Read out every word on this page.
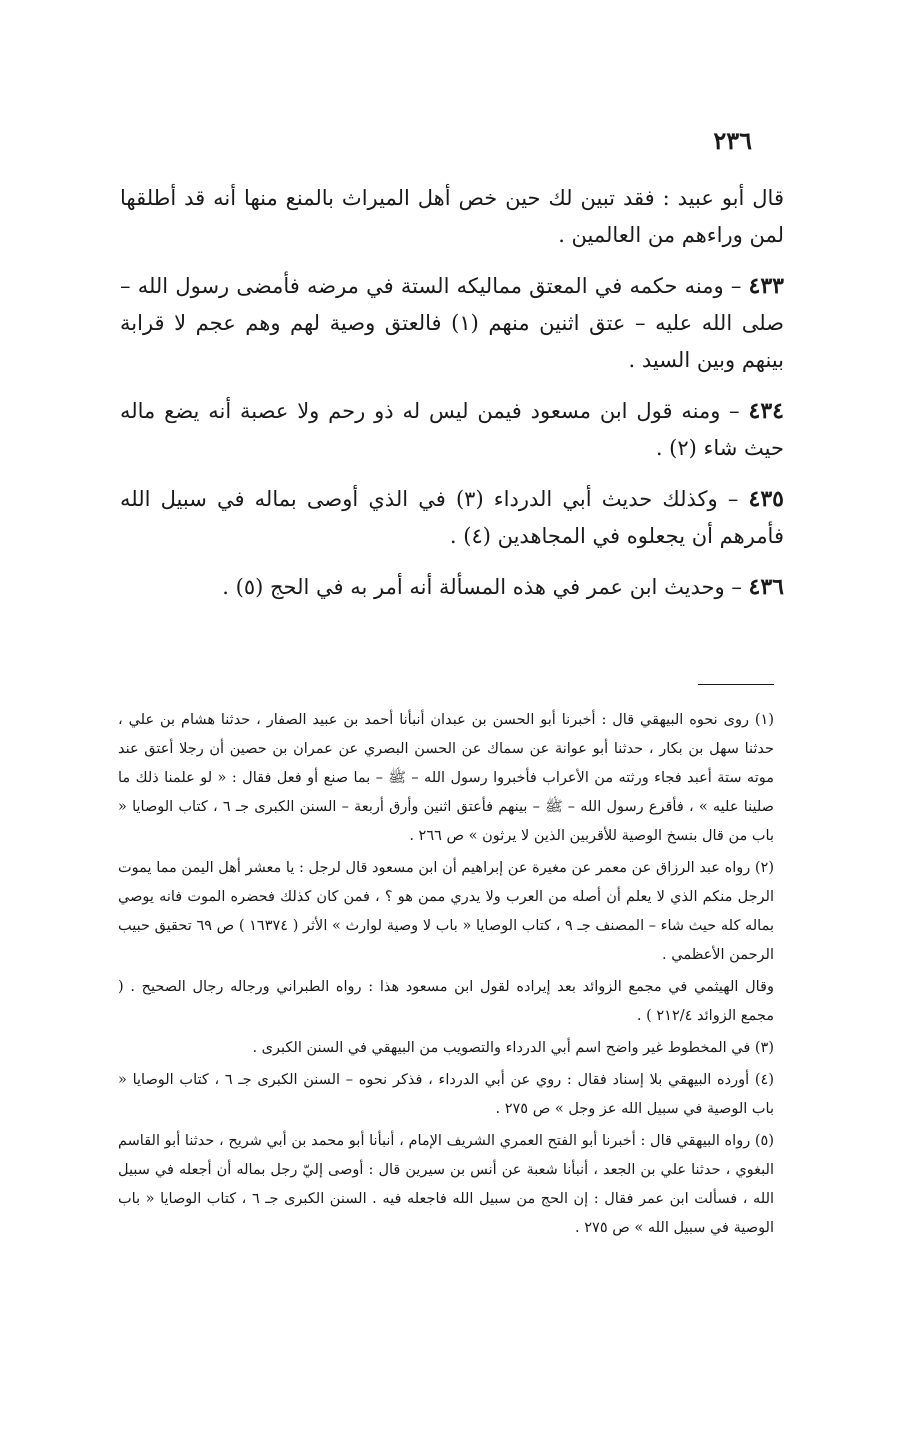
٢٣٦

قال أبو عبيد : فقد تبين لك حين خص أهل الميراث بالمنع منها أنه قد أطلقها لمن وراءهم من العالمين .

٤٣٣ – ومنه حكمه في المعتق مماليكه الستة في مرضه فأمضى رسول الله – صلى الله عليه – عتق اثنين منهم (١) فالعتق وصية لهم وهم عجم لا قرابة بينهم وبين السيد .

٤٣٤ – ومنه قول ابن مسعود فيمن ليس له ذو رحم ولا عصبة أنه يضع ماله حيث شاء (٢) .

٤٣٥ – وكذلك حديث أبي الدرداء (٣) في الذي أوصى بماله في سبيل الله فأمرهم أن يجعلوه في المجاهدين (٤) .

٤٣٦ – وحديث ابن عمر في هذه المسألة أنه أمر به في الحج (٥) .

(١) روى نحوه البيهقي قال : أخبرنا أبو الحسن بن عبدان أنبأنا أحمد بن عبيد الصفار ، حدثنا هشام بن علي ، حدثنا سهل بن بكار ، حدثنا أبو عوانة عن سماك عن الحسن البصري عن عمران بن حصين أن رجلا أعتق عند موته ستة أعبد فجاء ورثته من الأعراب فأخبروا رسول الله – ﷺ – بما صنع أو فعل فقال : « لو علمنا ذلك ما صلينا عليه » ، فأقرع رسول الله – ﷺ – بينهم فأعتق اثنين وأرق أربعة – السنن الكبرى جـ ٦ ، كتاب الوصايا « باب من قال بنسخ الوصية للأقربين الذين لا يرثون » ص ٢٦٦ .

(٢) رواه عبد الرزاق عن معمر عن مغيرة عن إبراهيم أن ابن مسعود قال لرجل : يا معشر أهل اليمن مما يموت الرجل منكم الذي لا يعلم أن أصله من العرب ولا يدري ممن هو ؟ ، فمن كان كذلك فحضره الموت فانه يوصي بماله كله حيث شاء – المصنف جـ ٩ ، كتاب الوصايا « باب لا وصية لوارث » الأثر ( ١٦٣٧٤ ) ص ٦٩ تحقيق حبيب الرحمن الأعظمي .

وقال الهيثمي في مجمع الزوائد بعد إيراده لقول ابن مسعود هذا : رواه الطبراني ورجاله رجال الصحيح . ( مجمع الزوائد ٢١٢/٤ ) .

(٣) في المخطوط غير واضح اسم أبي الدرداء والتصويب من البيهقي في السنن الكبرى .

(٤) أورده البيهقي بلا إسناد فقال : روي عن أبي الدرداء ، فذكر نحوه – السنن الكبرى جـ ٦ ، كتاب الوصايا « باب الوصية في سبيل الله عز وجل » ص ٢٧٥ .

(٥) رواه البيهقي قال : أخبرنا أبو الفتح العمري الشريف الإمام ، أنبأنا أبو محمد بن أبي شريح ، حدثنا أبو القاسم البغوي ، حدثنا علي بن الجعد ، أنبأنا شعبة عن أنس بن سيرين قال : أوصى إليّ رجل بماله أن أجعله في سبيل الله ، فسألت ابن عمر فقال : إن الحج من سبيل الله فاجعله فيه . السنن الكبرى جـ ٦ ، كتاب الوصايا « باب الوصية في سبيل الله » ص ٢٧٥ .
